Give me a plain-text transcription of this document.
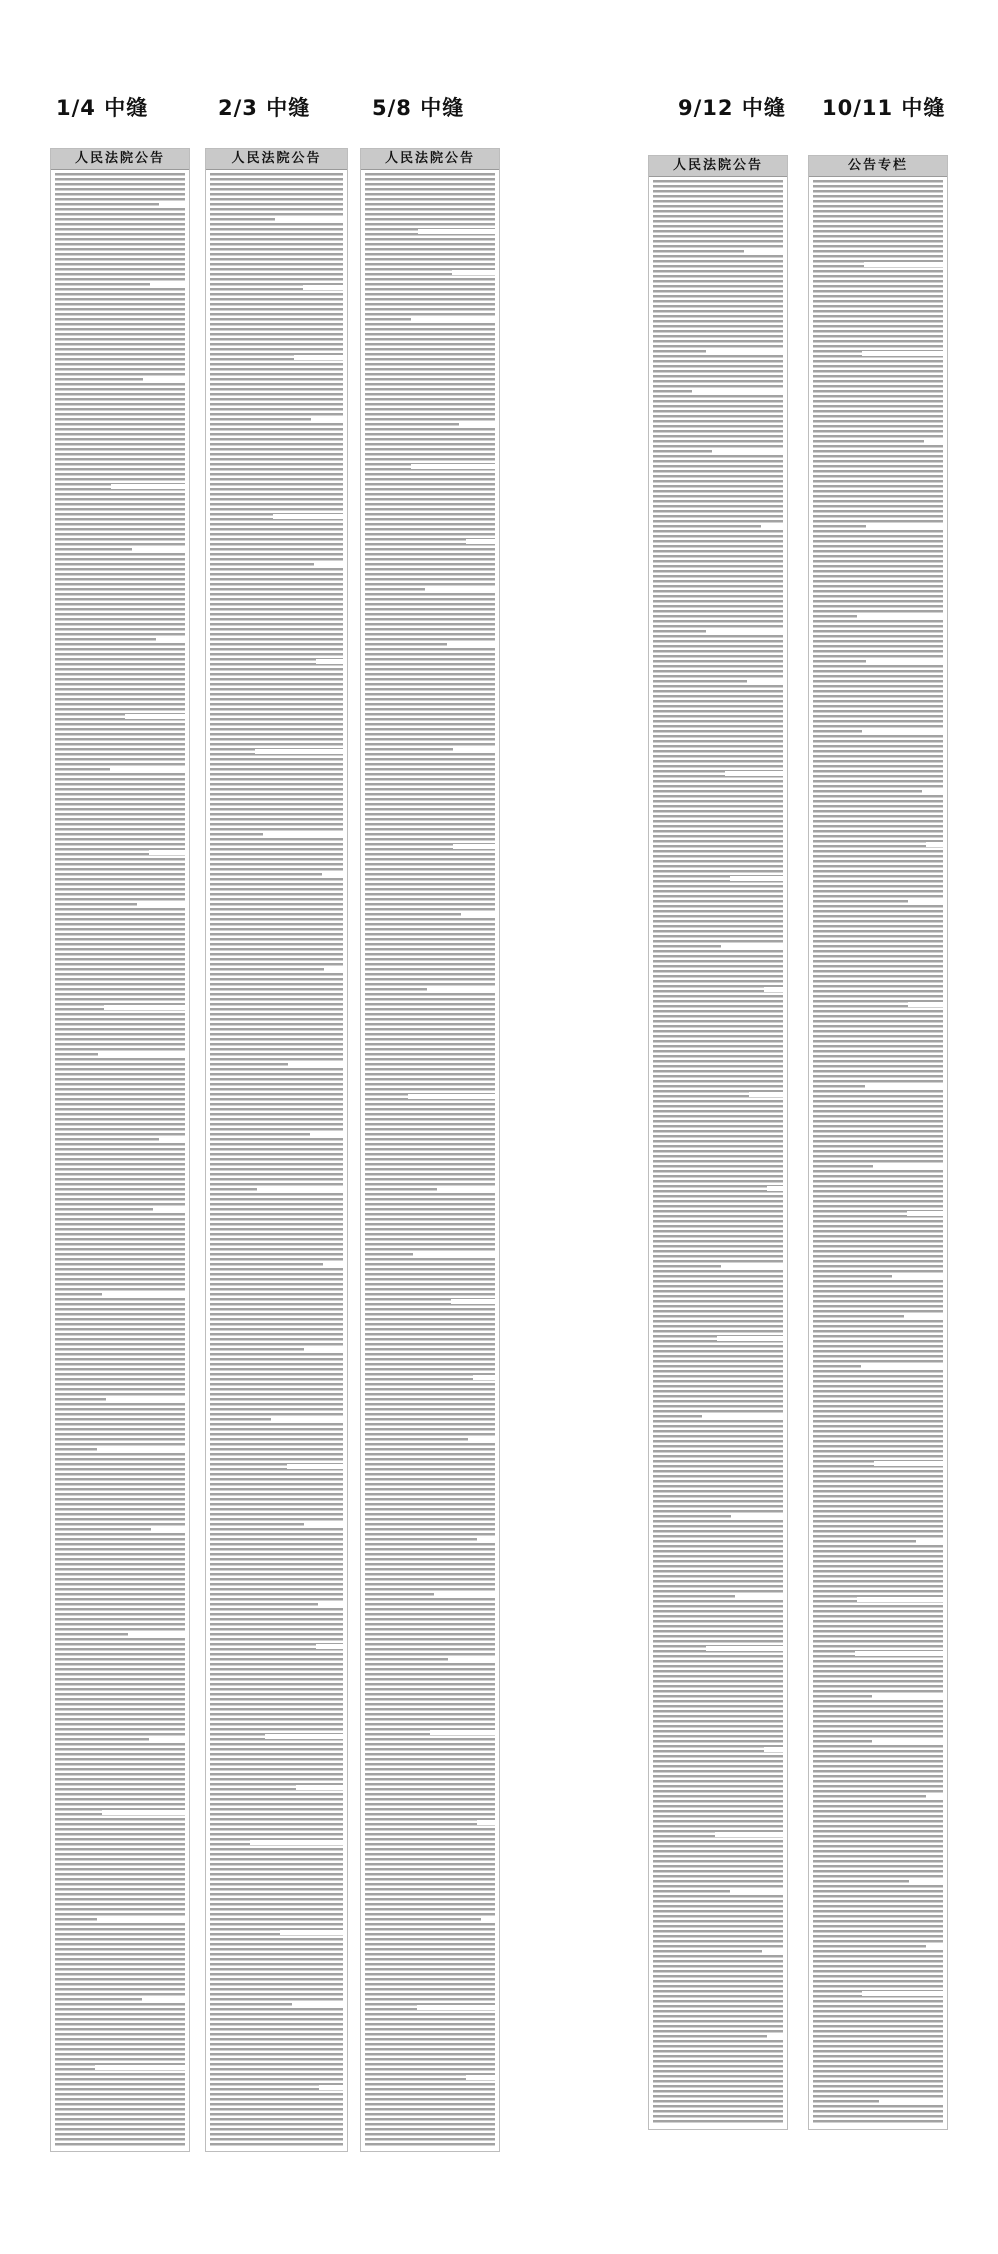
1/4 中缝	2/3 中缝	5/8 中缝	9/12 中缝 10/11 中缝
人民法院公告	人民法院公告	人民法院公告	人民法院公告	公告专栏
